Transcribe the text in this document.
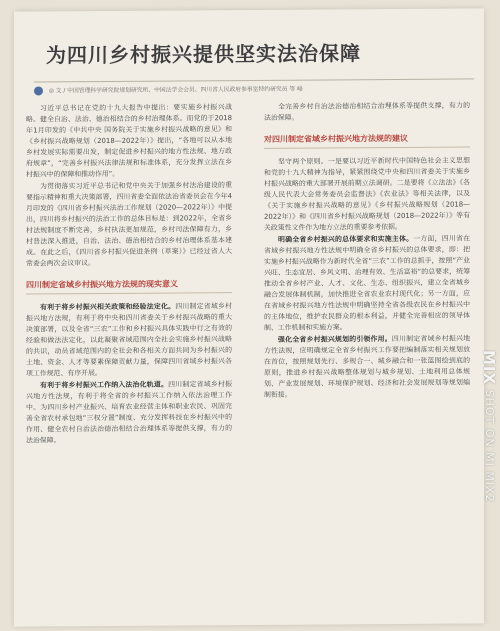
为四川乡村振兴提供坚实法治保障
◎ 文 / 中国管理科学研究院规划研究所、中国法学会会员、四川省人民政府参事室特约研究员 等 峰

习近平总书记在党的十九大报告中提出：要实施乡村振兴战略。健全自治、法治、德治相结合的乡村治理体系。而党的于2018年1月印发的《中共中央 国务院关于实施乡村振兴战略的意见》和《乡村振兴战略规划（2018—2022年）》提出，“各地可以从本地乡村发展实际需要出发，制定促进乡村振兴的地方性法规、地方政府规章”，“完善乡村振兴法律法规和标准体系，充分发挥立法在乡村振兴中的保障和推动作用”。

为贯彻落实习近平总书记和党中央关于加强乡村法治建设的重要指示精神和重大决策部署，四川省委全面依法治省委员会在今年4月印发的《四川省乡村振兴法治工作规划（2020—2022年）》中提出，四川将乡村振兴的法治工作的总体目标是：到2022年，全省乡村法规制度不断完善，乡村执法更加规范，乡村司法保障有力，乡村普法深入推进，自治、法治、德治相结合的乡村治理体系基本建成。在此之后，《四川省乡村振兴促进条例（草案）》已经过省人大常委会两次会议审议。

四川制定省域乡村振兴地方法规的现实意义

有利于将乡村振兴相关政策和经验法定化。四川制定省域乡村振兴地方法规，有利于将中央和四川省委关于乡村振兴战略的重大决策部署，以及全省“三农”工作和乡村振兴具体实践中行之有效的经验和做法法定化，以此凝聚省域范围内全社会实施乡村振兴战略的共识，动员省域范围内的全社会和各相关方面共同为乡村振兴的土地、资金、人才等要素保障贡献力量，保障四川省域乡村振兴各项工作规范、有序开展。

有利于将乡村振兴工作纳入法治化轨道。四川制定省域乡村振兴地方性法规，有利于将全省的乡村振兴工作纳入依法治理工作中。为四川乡村产业振兴、培育农业经营主体和职业农民、巩固完善全省农村承包地“三权分置”制度、充分发挥科技在乡村振兴中的作用、健全农村自治法治德治相结合治理体系等提供支撑，有力的法治保障。

全完善乡村自治法治德治相结合治理体系等提供支撑，有力的法治保障。

对四川制定省域乡村振兴地方法规的建议

坚守两个原则。一是要以习近平新时代中国特色社会主义思想和党的十九大精神为指导，紧紧围绕党中央和四川省委关于实施乡村振兴战略的重大部署开展前期立法调研。二是要将《立法法》《各级人民代表大会常务委员会监督法》《农业法》等相关法律，以及《关于实施乡村振兴战略的意见》《乡村振兴战略规划（2018—2022年）》和《四川省乡村振兴战略规划（2018—2022年）》等有关政策性文件作为地方立法的重要参考依据。

明确全省乡村振兴的总体要求和实施主体。一方面，四川省在省域乡村振兴地方性法规中明确全省乡村振兴的总体要求，即：把实施乡村振兴战略作为新时代全省“三农”工作的总抓手，按照“产业兴旺、生态宜居、乡风文明、治理有效、生活富裕”的总要求，统筹推动全省乡村产业、人才、文化、生态、组织振兴，建立全省城乡融合发展体制机制，加快推进全省农业农村现代化；另一方面，应在省域乡村振兴地方性法规中明确坚持全省各级农民在乡村振兴中的主体地位，维护农民群众的根本利益，并健全完善相应的领导体制、工作机制和实施方案。

强化全省乡村振兴规划的引领作用。四川制定省域乡村振兴地方性法规，应明确规定全省乡村振兴工作要把编制落实相关规划放在首位，按照规划先行、多规合一、城乡融合和一张蓝图绘到底的原则，推进乡村振兴战略整体规划与城乡规划、土地利用总体规划、产业发展规划、环境保护规划、经济和社会发展规划等规划编制衔接。

MIX SHOT ON MI MIX2
